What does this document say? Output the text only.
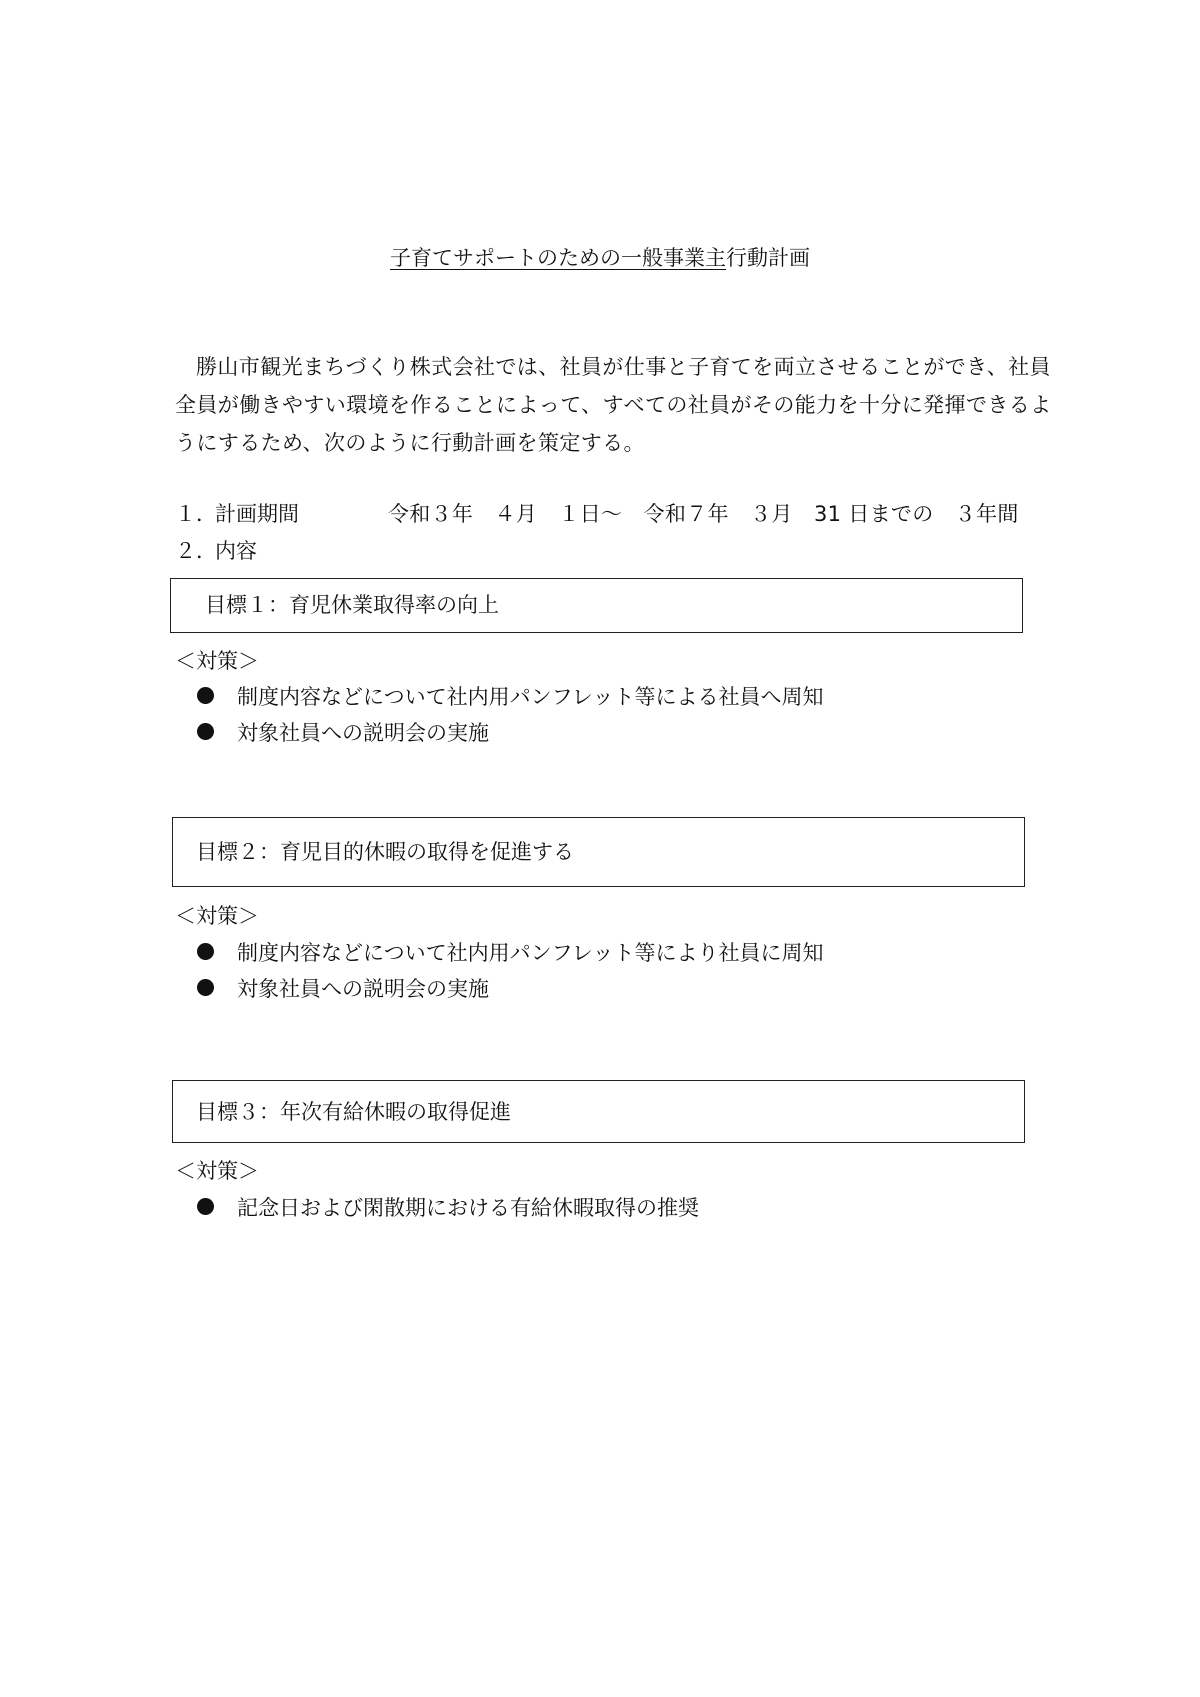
子育てサポートのための一般事業主行動計画
勝山市観光まちづくり株式会社では、社員が仕事と子育てを両立させることができ、社員全員が働きやすい環境を作ることによって、すべての社員がその能力を十分に発揮できるようにするため、次のように行動計画を策定する。
１．
計画期間	令和３年　４月　１日～　令和７年　３月　31 日までの　３年間
２．
内容
目標１：育児休業取得率の向上
＜対策＞
制度内容などについて社内用パンフレット等による社員へ周知
対象社員への説明会の実施
目標２：育児目的休暇の取得を促進する
＜対策＞
制度内容などについて社内用パンフレット等により社員に周知
対象社員への説明会の実施
目標３：年次有給休暇の取得促進
＜対策＞
記念日および閑散期における有給休暇取得の推奨
